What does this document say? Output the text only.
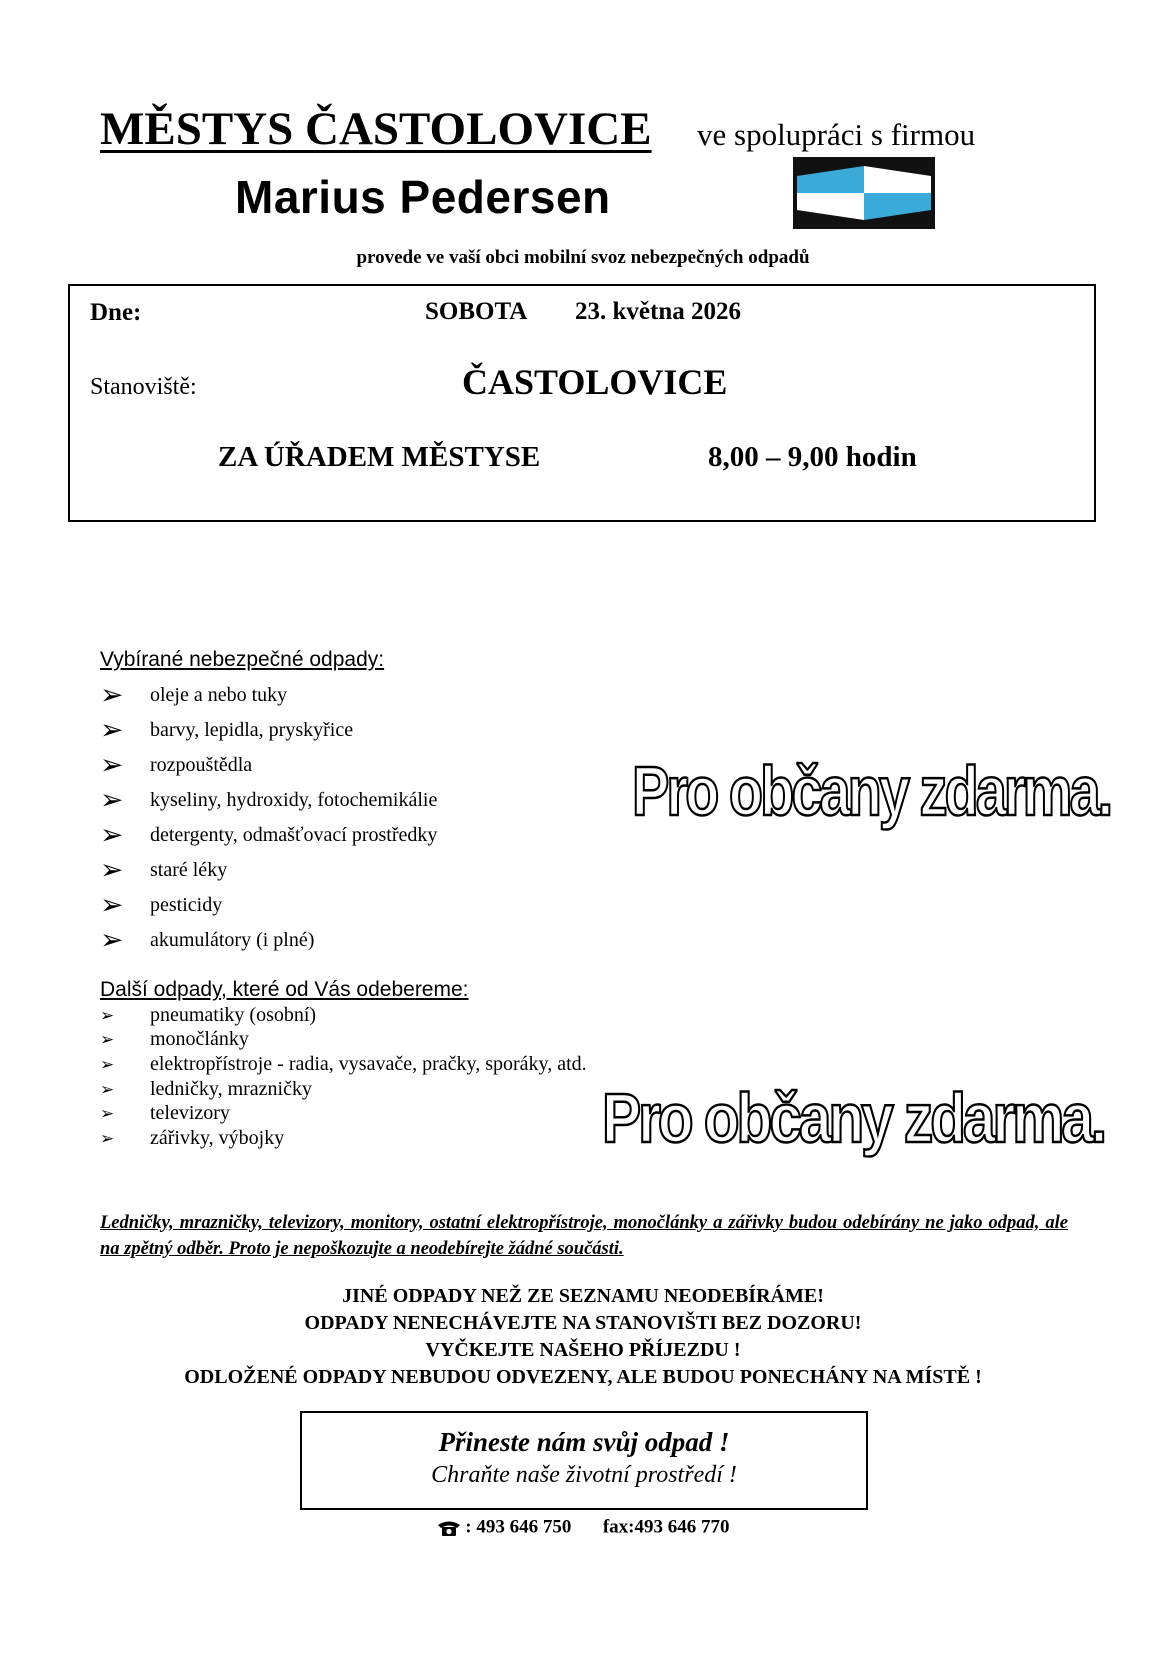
MĚSTYS ČASTOLOVICE ve spolupráci s firmou
Marius Pedersen
provede ve vaší obci mobilní svoz nebezpečných odpadů
Dne:	SOBOTA 23. května 2026
Stanoviště:	ČASTOLOVICE
ZA ÚŘADEM MĚSTYSE	8,00 – 9,00 hodin
Vybírané nebezpečné odpady:
➢	oleje a nebo tuky
➢	barvy, lepidla, pryskyřice
➢	rozpouštědla
➢	kyseliny, hydroxidy, fotochemikálie
➢	detergenty, odmašťovací prostředky
➢	staré léky
➢	pesticidy
➢	akumulátory (i plné)
Pro občany zdarma.
Další odpady, které od Vás odebereme:
➢	pneumatiky (osobní)
➢	monočlánky
➢	elektropřístroje - radia, vysavače, pračky, sporáky, atd.
➢	ledničky, mrazničky
➢	televizory
➢	zářivky, výbojky	Pro občany zdarma.
Ledničky, mrazničky, televizory, monitory, ostatní elektropřístroje, monočlánky a zářivky budou odebírány ne jako odpad, ale na zpětný odběr. Proto je nepoškozujte a neodebírejte žádné součásti.
JINÉ ODPADY NEŽ ZE SEZNAMU NEODEBÍRÁME!
ODPADY NENECHÁVEJTE NA STANOVIŠTI BEZ DOZORU!
VYČKEJTE NAŠEHO PŘÍJEZDU !
ODLOŽENÉ ODPADY NEBUDOU ODVEZENY, ALE BUDOU PONECHÁNY NA MÍSTĚ !
Přineste nám svůj odpad !
Chraňte naše životní prostředí !
: 493 646 750 fax:493 646 770
